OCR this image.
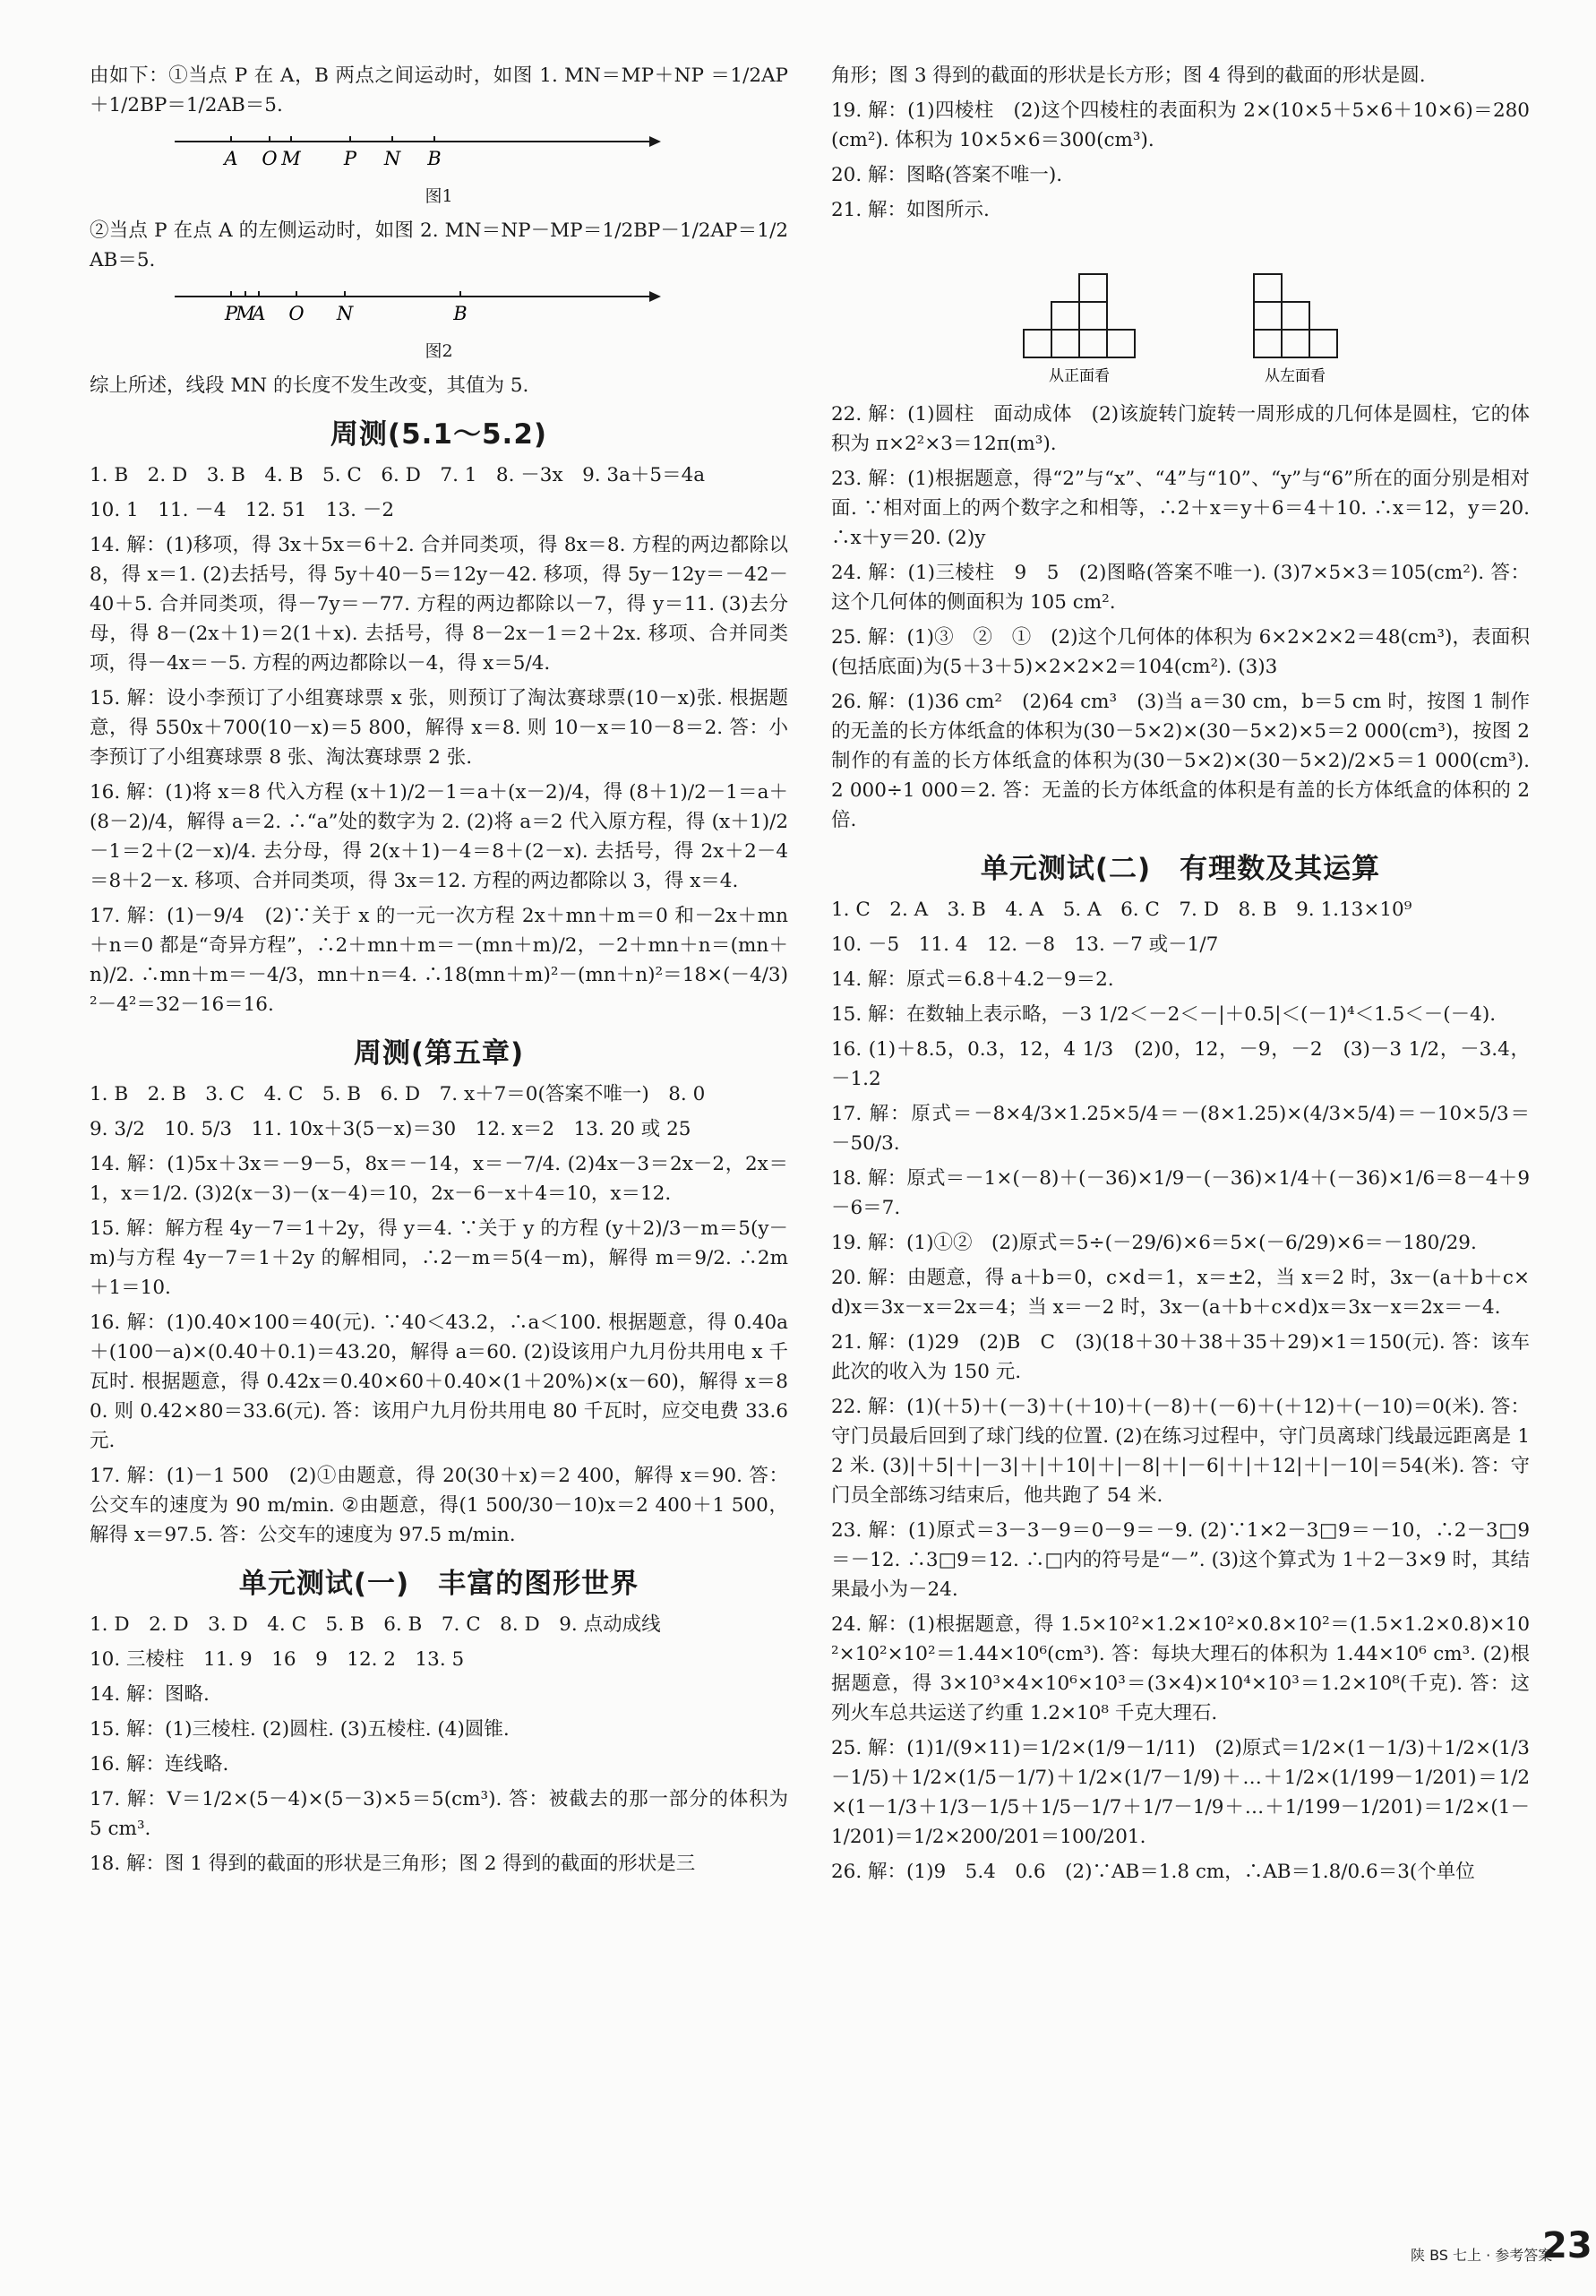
由如下：①当点 P 在 A，B 两点之间运动时，如图 1. MN＝MP＋NP ＝1/2AP＋1/2BP＝1/2AB＝5.

A O M P N B
图1

②当点 P 在点 A 的左侧运动时，如图 2. MN＝NP－MP＝1/2BP－1/2AP＝1/2AB＝5.

P
M
A O N	B
图2

综上所述，线段 MN 的长度不发生改变，其值为 5.

周测(5.1～5.2)

1. B　2. D　3. B　4. B　5. C　6. D　7. 1　8. －3x　9. 3a＋5＝4a

10. 1　11. －4　12. 51　13. －2

14. 解：(1)移项，得 3x＋5x＝6＋2. 合并同类项，得 8x＝8. 方程的两边都除以 8，得 x＝1. (2)去括号，得 5y＋40－5＝12y－42. 移项，得 5y－12y＝－42－40＋5. 合并同类项，得－7y＝－77. 方程的两边都除以－7，得 y＝11. (3)去分母，得 8－(2x＋1)＝2(1＋x). 去括号，得 8－2x－1＝2＋2x. 移项、合并同类项，得－4x＝－5. 方程的两边都除以－4，得 x＝5/4.

15. 解：设小李预订了小组赛球票 x 张，则预订了淘汰赛球票(10－x)张. 根据题意，得 550x＋700(10－x)＝5 800，解得 x＝8. 则 10－x＝10－8＝2. 答：小李预订了小组赛球票 8 张、淘汰赛球票 2 张.

16. 解：(1)将 x＝8 代入方程 (x＋1)/2－1＝a＋(x－2)/4，得 (8＋1)/2－1＝a＋(8－2)/4，解得 a＝2. ∴“a”处的数字为 2. (2)将 a＝2 代入原方程，得 (x＋1)/2－1＝2＋(2－x)/4. 去分母，得 2(x＋1)－4＝8＋(2－x). 去括号，得 2x＋2－4＝8＋2－x. 移项、合并同类项，得 3x＝12. 方程的两边都除以 3，得 x＝4.

17. 解：(1)－9/4　(2)∵关于 x 的一元一次方程 2x＋mn＋m＝0 和－2x＋mn＋n＝0 都是“奇异方程”，∴2＋mn＋m＝－(mn＋m)/2，－2＋mn＋n＝(mn＋n)/2. ∴mn＋m＝－4/3，mn＋n＝4. ∴18(mn＋m)²－(mn＋n)²＝18×(－4/3)²－4²＝32－16＝16.

周测(第五章)

1. B　2. B　3. C　4. C　5. B　6. D　7. x＋7＝0(答案不唯一)　8. 0

9. 3/2　10. 5/3　11. 10x＋3(5－x)＝30　12. x＝2　13. 20 或 25

14. 解：(1)5x＋3x＝－9－5，8x＝－14，x＝－7/4. (2)4x－3＝2x－2，2x＝1，x＝1/2. (3)2(x－3)－(x－4)＝10，2x－6－x＋4＝10，x＝12.

15. 解：解方程 4y－7＝1＋2y，得 y＝4. ∵关于 y 的方程 (y＋2)/3－m＝5(y－m)与方程 4y－7＝1＋2y 的解相同，∴2－m＝5(4－m)，解得 m＝9/2. ∴2m＋1＝10.

16. 解：(1)0.40×100＝40(元). ∵40＜43.2，∴a＜100. 根据题意，得 0.40a＋(100－a)×(0.40＋0.1)＝43.20，解得 a＝60. (2)设该用户九月份共用电 x 千瓦时. 根据题意，得 0.42x＝0.40×60＋0.40×(1＋20%)×(x－60)，解得 x＝80. 则 0.42×80＝33.6(元). 答：该用户九月份共用电 80 千瓦时，应交电费 33.6 元.

17. 解：(1)－1 500　(2)①由题意，得 20(30＋x)＝2 400，解得 x＝90. 答：公交车的速度为 90 m/min. ②由题意，得(1 500/30－10)x＝2 400＋1 500，解得 x＝97.5. 答：公交车的速度为 97.5 m/min.

单元测试(一)　丰富的图形世界

1. D　2. D　3. D　4. C　5. B　6. B　7. C　8. D　9. 点动成线

10. 三棱柱　11. 9　16　9　12. 2　13. 5

14. 解：图略.

15. 解：(1)三棱柱. (2)圆柱. (3)五棱柱. (4)圆锥.

16. 解：连线略.

17. 解：V＝1/2×(5－4)×(5－3)×5＝5(cm³). 答：被截去的那一部分的体积为 5 cm³.

18. 解：图 1 得到的截面的形状是三角形；图 2 得到的截面的形状是三

角形；图 3 得到的截面的形状是长方形；图 4 得到的截面的形状是圆.

19. 解：(1)四棱柱　(2)这个四棱柱的表面积为 2×(10×5＋5×6＋10×6)＝280(cm²). 体积为 10×5×6＝300(cm³).

20. 解：图略(答案不唯一).

21. 解：如图所示.

从正面看	从左面看

22. 解：(1)圆柱　面动成体　(2)该旋转门旋转一周形成的几何体是圆柱，它的体积为 π×2²×3＝12π(m³).

23. 解：(1)根据题意，得“2”与“x”、“4”与“10”、“y”与“6”所在的面分别是相对面. ∵相对面上的两个数字之和相等，∴2＋x＝y＋6＝4＋10. ∴x＝12，y＝20. ∴x＋y＝20. (2)y

24. 解：(1)三棱柱　9　5　(2)图略(答案不唯一). (3)7×5×3＝105(cm²). 答：这个几何体的侧面积为 105 cm².

25. 解：(1)③　②　①　(2)这个几何体的体积为 6×2×2×2＝48(cm³)，表面积(包括底面)为(5＋3＋5)×2×2×2＝104(cm²). (3)3

26. 解：(1)36 cm²　(2)64 cm³　(3)当 a＝30 cm，b＝5 cm 时，按图 1 制作的无盖的长方体纸盒的体积为(30－5×2)×(30－5×2)×5＝2 000(cm³)，按图 2 制作的有盖的长方体纸盒的体积为(30－5×2)×(30－5×2)/2×5＝1 000(cm³). 2 000÷1 000＝2. 答：无盖的长方体纸盒的体积是有盖的长方体纸盒的体积的 2 倍.

单元测试(二)　有理数及其运算

1. C　2. A　3. B　4. A　5. A　6. C　7. D　8. B　9. 1.13×10⁹

10. －5　11. 4　12. －8　13. －7 或－1/7

14. 解：原式＝6.8＋4.2－9＝2.

15. 解：在数轴上表示略，－3 1/2＜－2＜－|＋0.5|＜(－1)⁴＜1.5＜－(－4).

16. (1)＋8.5，0.3，12，4 1/3　(2)0，12，－9，－2　(3)－3 1/2，－3.4，－1.2

17. 解：原式＝－8×4/3×1.25×5/4＝－(8×1.25)×(4/3×5/4)＝－10×5/3＝－50/3.

18. 解：原式＝－1×(－8)＋(－36)×1/9－(－36)×1/4＋(－36)×1/6＝8－4＋9－6＝7.

19. 解：(1)①②　(2)原式＝5÷(－29/6)×6＝5×(－6/29)×6＝－180/29.

20. 解：由题意，得 a＋b＝0，c×d＝1，x＝±2，当 x＝2 时，3x－(a＋b＋c×d)x＝3x－x＝2x＝4；当 x＝－2 时，3x－(a＋b＋c×d)x＝3x－x＝2x＝－4.

21. 解：(1)29　(2)B　C　(3)(18＋30＋38＋35＋29)×1＝150(元). 答：该车此次的收入为 150 元.

22. 解：(1)(＋5)＋(－3)＋(＋10)＋(－8)＋(－6)＋(＋12)＋(－10)＝0(米). 答：守门员最后回到了球门线的位置. (2)在练习过程中，守门员离球门线最远距离是 12 米. (3)|＋5|＋|－3|＋|＋10|＋|－8|＋|－6|＋|＋12|＋|－10|＝54(米). 答：守门员全部练习结束后，他共跑了 54 米.

23. 解：(1)原式＝3－3－9＝0－9＝－9. (2)∵1×2－3□9＝－10，∴2－3□9＝－12. ∴3□9＝12. ∴□内的符号是“－”. (3)这个算式为 1＋2－3×9 时，其结果最小为－24.

24. 解：(1)根据题意，得 1.5×10²×1.2×10²×0.8×10²＝(1.5×1.2×0.8)×10²×10²×10²＝1.44×10⁶(cm³). 答：每块大理石的体积为 1.44×10⁶ cm³. (2)根据题意，得 3×10³×4×10⁶×10³＝(3×4)×10⁴×10³＝1.2×10⁸(千克). 答：这列火车总共运送了约重 1.2×10⁸ 千克大理石.

25. 解：(1)1/(9×11)＝1/2×(1/9－1/11)　(2)原式＝1/2×(1－1/3)＋1/2×(1/3－1/5)＋1/2×(1/5－1/7)＋1/2×(1/7－1/9)＋…＋1/2×(1/199－1/201)＝1/2×(1－1/3＋1/3－1/5＋1/5－1/7＋1/7－1/9＋…＋1/199－1/201)＝1/2×(1－1/201)＝1/2×200/201＝100/201.

26. 解：(1)9　5.4　0.6　(2)∵AB＝1.8 cm，∴AB＝1.8/0.6＝3(个单位

陕 BS 七上 · 参考答案
23
